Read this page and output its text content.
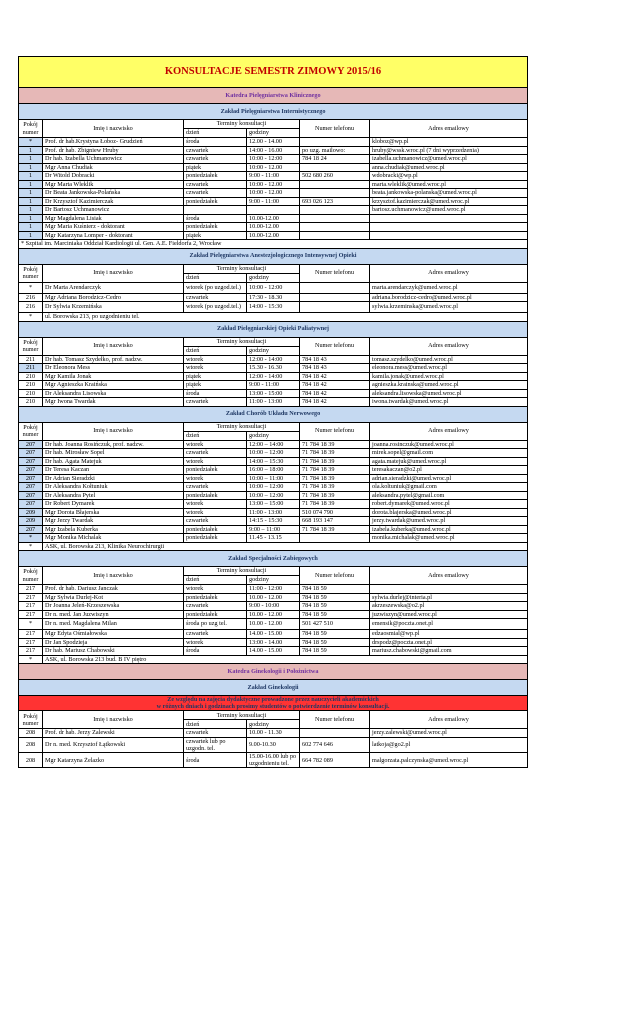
KONSULTACJE SEMESTR ZIMOWY 2015/16					
Katedra Pielęgniarstwa Klinicznego					
Zakład Pielęgniarstwa Internistycznego					
Pokój numer	Imię i nazwisko	Terminy konsultacji		Numer telefonu	Adres emailowy
		dzień	godziny		
*	Prof. dr hab.Krystyna Łoboz- Grudzień	środa	12.00 - 14.00		kloboz@wp.pl
1	Prof. dr hab. Zbigniew Hruby	czwartek	14:00 - 16.00	po uzg. mailowo:	hruby@wssk.wroc.pl (7 dni wyprzedzenia)
1	Dr hab. Izabella Uchmanowicz	czwartek	10:00 - 12:00	784 18 24	izabella.uchmanowicz@umed.wroc.pl
1	Mgr Anna Chudiak	piątek	10:00 - 12.00		anna.chudiak@umed.wroc.pl
1	Dr Witold Dobracki	poniedziałek	9:00 - 11:00	502 680 260	wdobracki@wp.pl
1	Mgr Marta Wleklik	czwartek	10:00 - 12.00		marta.wleklik@umed.wroc.pl
1	Dr Beata Jankowska-Polańska	czwartek	10:00 - 12.00		beata.jankowska-polanska@umed.wroc.pl
1	Dr Krzysztof Kazimierczak	poniedziałek	9:00 - 11:00	693 026 123	krzysztof.kazimierczak@umed.wroc.pl
1	Dr Bartosz Uchmanowicz				bartosz.uchmanowicz@umed.wroc.pl
1	Mgr Magdalena Lisiak	środa	10.00-12.00		
1	Mgr Maria Kuśnierz - doktorant	poniedziałek	10.00-12.00		
1	Mgr Katarzyna Lomper - doktorant	piątek	10.00-12.00		
* Szpital im. Marciniaka Oddział Kardiologii ul. Gen. A.E. Fieldorfa 2, Wrocław					
Zakład Pielęgniarstwa Anestezjologicznego Intensywnej Opieki					
Pokój numer	Imię i nazwisko	Terminy konsultacji		Numer telefonu	Adres emailowy
		dzień	godziny		
*	Dr Marta Arendarczyk	wtorek (po uzgod.tel.)	10:00 - 12:00		marta.arendarczyk@umed.wroc.pl
216	Mgr Adriana Borodzicz-Cedro	czwartek	17:30 - 18.30		adriana.borodzicz-cedro@umed.wroc.pl
216	Dr Sylwia Krzemińska	wtorek (po uzgod.tel.)	14:00 - 15:30		sylwia.krzeminska@umed.wroc.pl
*	ul. Borowska 213, po uzgodnieniu tel.				
Zakład Pielęgniarskiej Opieki Paliatywnej					
Pokój numer	Imię i nazwisko	Terminy konsultacji		Numer telefonu	Adres emailowy
		dzień	godziny		
211	Dr hab. Tomasz Szydełko, prof. nadzw.	wtorek	12:00 - 14:00	784 18 43	tomasz.szydelko@umed.wroc.pl
211	Dr Eleonora Mess	wtorek	15.30 - 16.30	784 18 43	eleonora.mess@umed.wroc.pl
210	Mgr Kamila Jonak	piątek	12:00 - 14:00	784 18 42	kamila.jonak@umed.wroc.pl
210	Mgr Agnieszka Kraińska	piątek	9:00 - 11:00	784 18 42	agnieszka.krainska@umed.wroc.pl
210	Dr Aleksandra Lisowska	środa	13:00 - 15:00	784 18 42	aleksandra.lisowska@umed.wroc.pl
210	Mgr Iwona Twardak	czwartek	11:00 - 13:00	784 18 42	iwona.twardak@umed.wroc.pl
Zakład Chorób Układu Nerwowego					
Pokój numer	Imię i nazwisko	Terminy konsultacji		Numer telefonu	Adres emailowy
		dzień	godziny		
207	Dr hab. Joanna Rosińczuk, prof. nadzw.	wtorek	12:00 – 14:00	71 784 18 39	joanna.rosinczuk@umed.wroc.pl
207	Dr hab. Mirosław Sopel	czwartek	10:00 – 12:00	71 784 18 39	mirek.sopel@gmail.com
207	Dr hab. Agata Matejuk	wtorek	14:00 – 15:30	71 784 18 39	agata.matejuk@umed.wroc.pl
207	Dr Teresa Kaczan	poniedziałek	16:00 – 18:00	71 784 18 39	teresakaczan@o2.pl
207	Dr Adrian Sieradzki	wtorek	10:00 – 11:00	71 784 18 39	adrian.sieradzki@umed.wroc.pl
207	Dr Aleksandra Kołtuniuk	czwartek	10:00 – 12:00	71 784 18 39	ola.koltuniuk@gmail.com
207	Dr Aleksandra Pytel	poniedziałek	10:00 – 12:00	71 784 18 39	aleksandra.pytel@gmail.com
207	Dr Robert Dymarek	wtorek	13:00 – 15:00	71 784 18 39	robert.dymarek@umed.wroc.pl
209	Mgr Dorota Błajerska	wtorek	11:00 - 13:00	510 074 790	dorota.blajerska@umed.wroc.pl
209	Mgr Jerzy Twardak	czwartek	14:15 - 15:30	668 193 147	jerzy.twardak@umed.wroc.pl
207	Mgr Izabela Kuberka	poniedziałek	9:00 – 11:00	71 784 18 39	izabela.kuberka@umed.wroc.pl
*	Mgr Monika Michalak	poniedziałek	11.45 - 13.15		monika.michalak@umed.wroc.pl
*	ASK, ul. Borowska 213, Klinika Neurochirurgii				
Zakład Specjalności Zabiegowych					
Pokój numer	Imię i nazwisko	Terminy konsultacji		Numer telefonu	Adres emailowy
		dzień	godziny		
217	Prof. dr hab. Dariusz Janczak	wtorek	11:00 - 12:00	784 18 59	
217	Mgr Sylwia Durlej-Kot	poniedziałek	10.00 - 12.00	784 18 59	sylwia.durlej@interia.pl
217	Dr Joanna Jeleń-Krzeszewska	czwartek	9:00 - 10:00	784 18 59	akrzeszewska@o2.pl
217	Dr n. med. Jan Juzwiszyn	poniedziałek	10.00 - 12.00	784 18 59	juzwiszyn@umed.wroc.pl
*	Dr n. med. Magdalena Milan	środa po uzg tel.	10.00 - 12.00	501 427 510	emensik@poczta.onet.pl
217	Mgr Edyta Ośmiałowska	czwartek	14.00 - 15.00	784 18 59	edzaosmial@wp.pl
217	Dr Jan Spodzieja	wtorek	13:00 - 14.00	784 18 59	drspodz@poczta.onet.pl
217	Dr hab. Mariusz Chabowski	środa	14.00 - 15.00	784 18 59	mariusz.chabowski@gmail.com
*	ASK, ul. Borowska 213 bud. B IV piętro				
Katedra Ginekologii i Położnictwa					
Zakład Ginekologii					

Ze względu na zajęcia dydaktyczne prowadzone przez nauczycieli akademickich
w różnych dniach i godzinach prosimy studentów o potwierdzenie terminów konsultacji.					

Pokój numer	Imię i nazwisko	Terminy konsultacji		Numer telefonu	Adres emailowy
		dzień	godziny		
208	Prof. dr hab. Jerzy Zalewski	czwartek	10.00 - 11.30		jerzy.zalewski@umed.wroc.pl
208	Dr n. med. Krzysztof Łątkowski	czwartek lub po uzgodn. tel.	9.00-10.30	602 774 646	latkoja@go2.pl
208	Mgr Katarzyna Żelazko	środa	15.00-16.00 lub po uzgodnieniu tel.	664 782 089	malgorzata.palczynska@umed.wroc.pl
